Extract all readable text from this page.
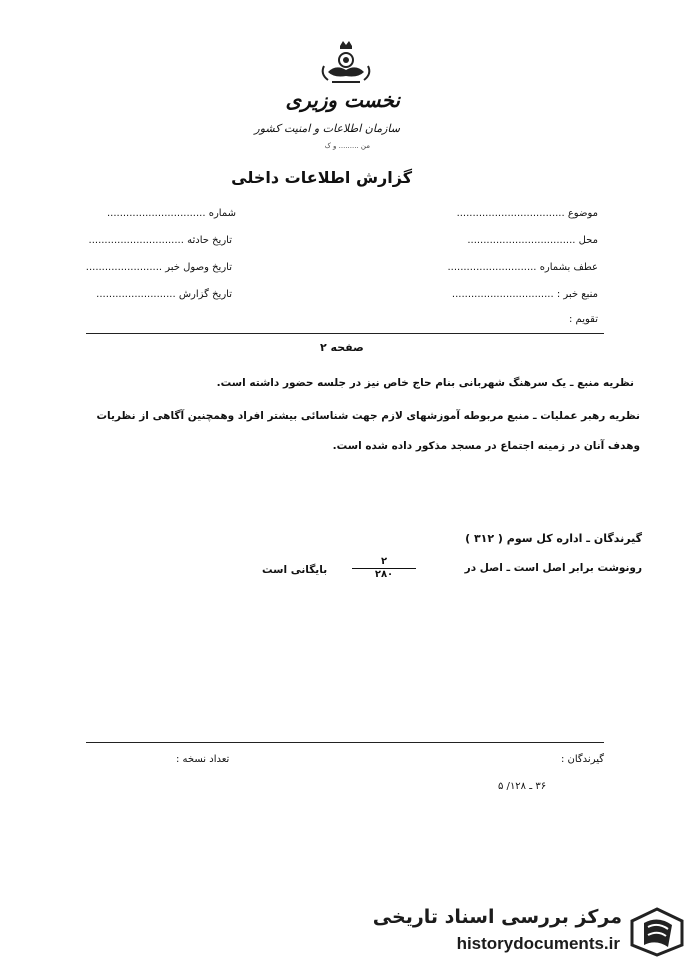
نخست وزیری
سازمان اطلاعات و امنیت کشور
من ......... و ک
گزارش اطلاعات داخلی
شماره ...............................
تاریخ حادثه ..............................
تاریخ وصول خبر ........................
تاریخ گزارش .........................
موضوع ..................................
محل ..................................
عطف بشماره ............................
منبع خبر : ................................
تقویم :
صفحه ۲
نظریه منبع ـ یک سرهنگ شهربانی بنام حاج خاص نیز در جلسه حضور داشته است.
نظریه رهبر عملیات ـ منبع مربوطه آموزشهای لازم جهت شناسائی بیشتر افراد وهمچنین آگاهی از نظریات
وهدف آنان در زمینه اجتماع در مسجد مذکور داده شده است.
گیرندگان ـ اداره کل سوم ( ۳۱۲ )
رونوشت برابر اصل است ـ اصل در
۲
۲۸۰
بایگانی است
گیرندگان :
تعداد نسخه :
۳۶ ـ ۱۲۸/ ۵
مرکز بررسی اسناد تاریخی
historydocuments.ir
